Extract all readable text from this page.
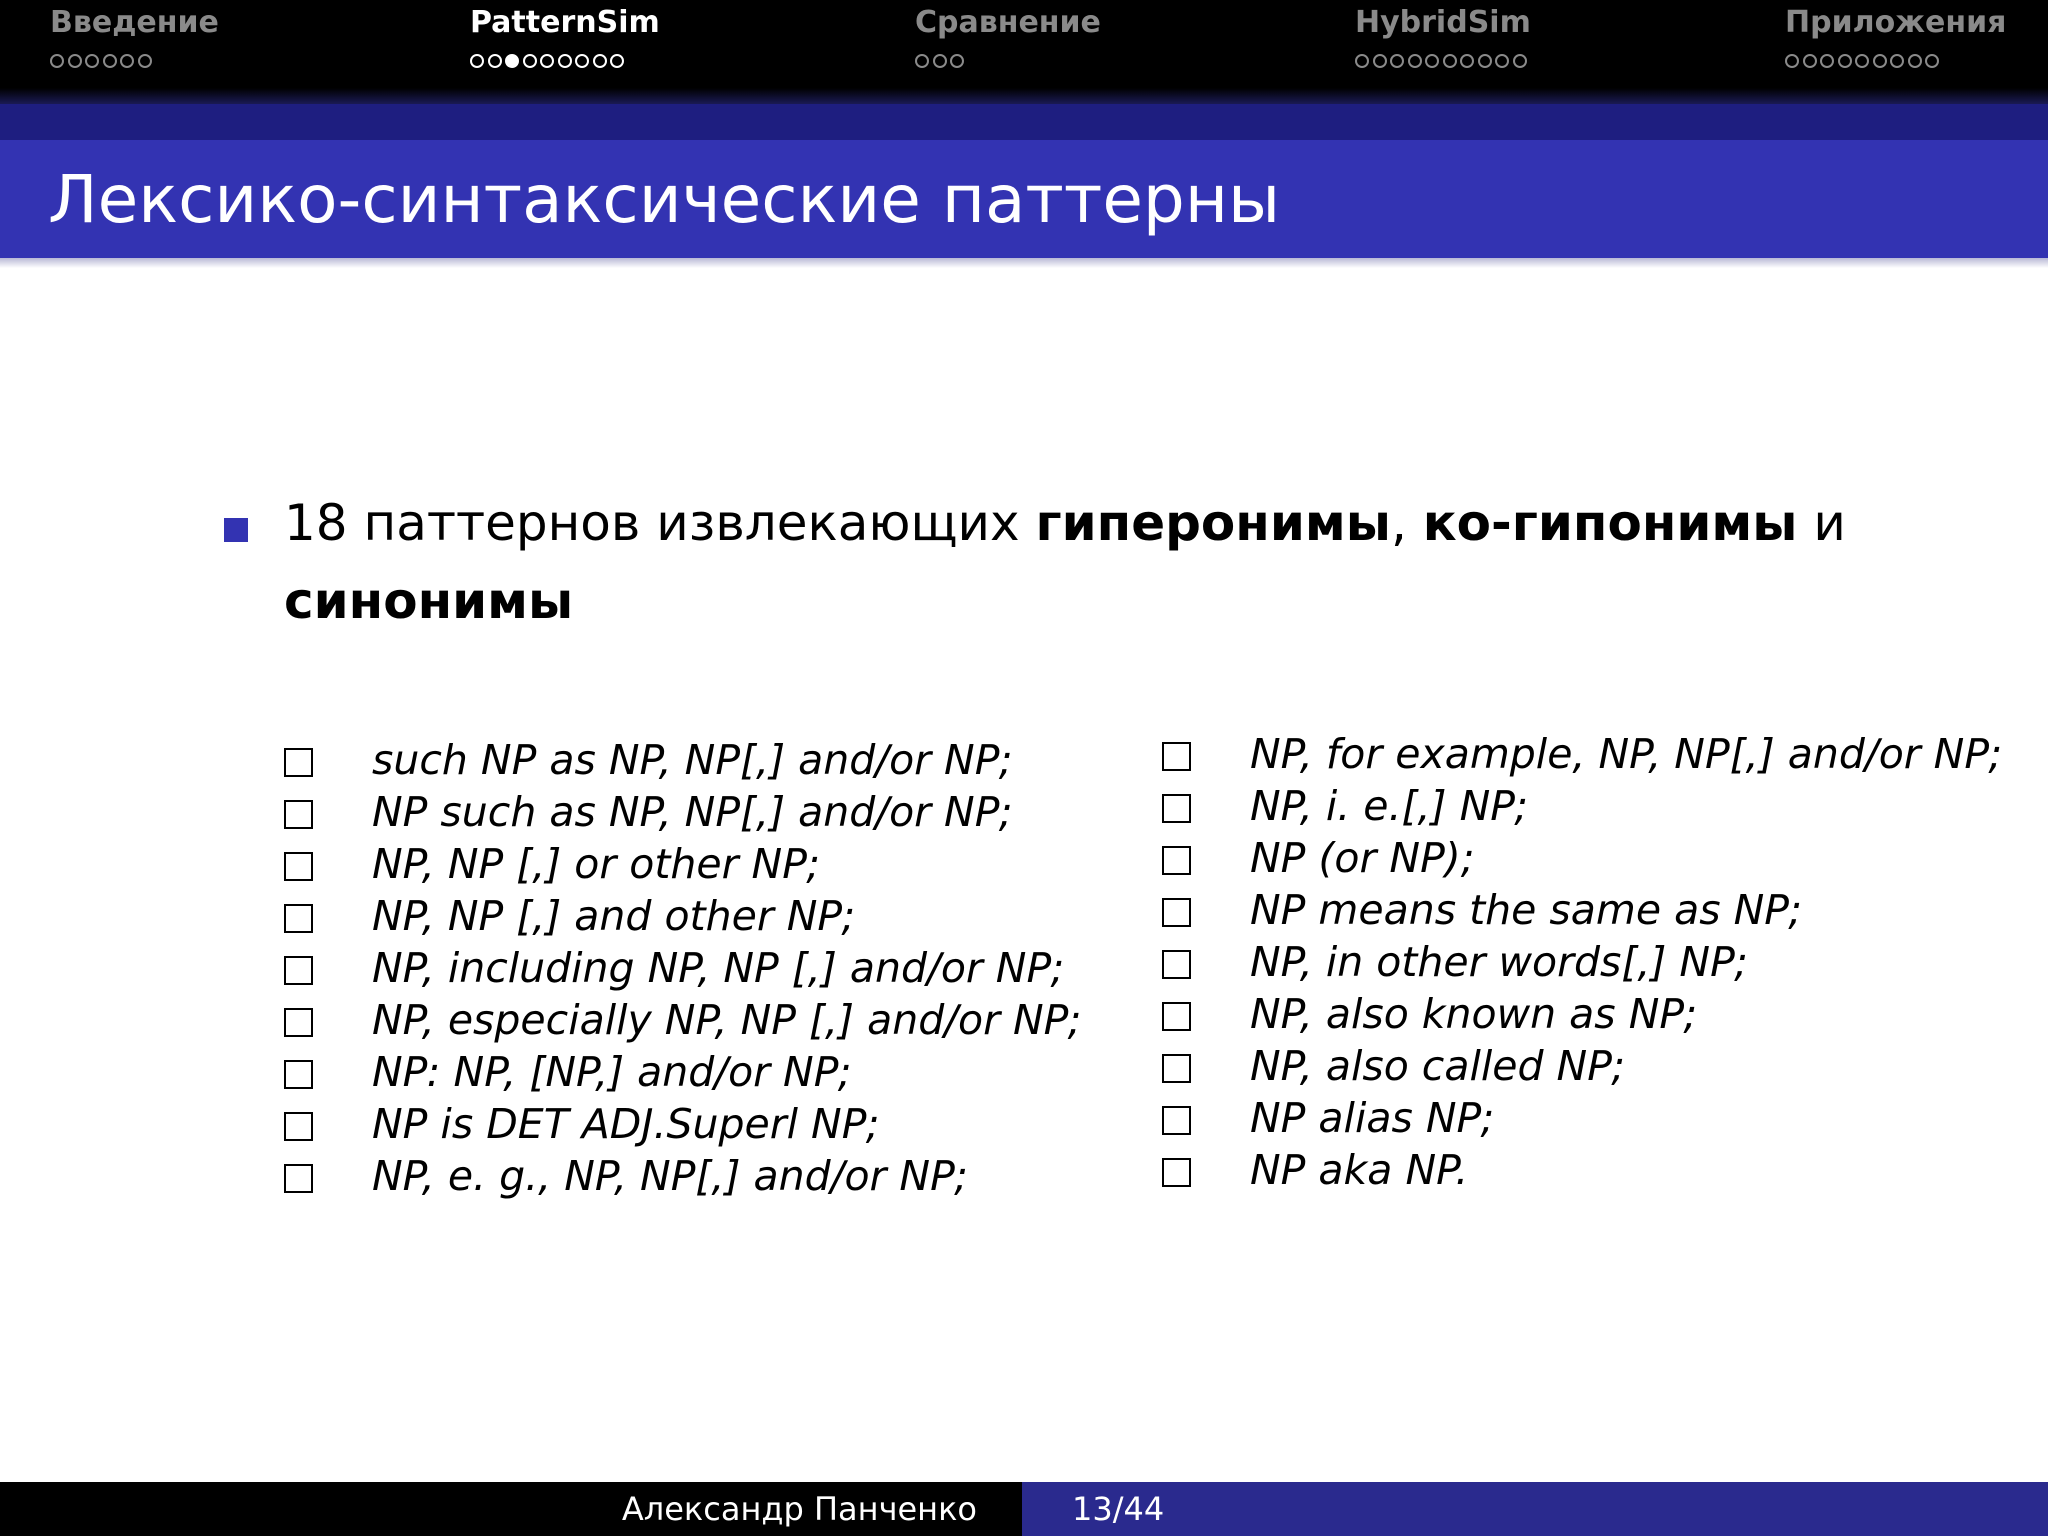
Введение	PatternSim	Сравнение	HybridSim	Приложения
Лексико-синтаксические паттерны
18 паттернов извлекающих гиперонимы, ко-гипонимы и синонимы
such NP as NP, NP[,] and/or NP;
NP such as NP, NP[,] and/or NP;
NP, NP [,] or other NP;
NP, NP [,] and other NP;
NP, including NP, NP [,] and/or NP;
NP, especially NP, NP [,] and/or NP;
NP: NP, [NP,] and/or NP;
NP is DET ADJ.Superl NP;
NP, e. g., NP, NP[,] and/or NP;
NP, for example, NP, NP[,] and/or NP;
NP, i. e.[,] NP;
NP (or NP);
NP means the same as NP;
NP, in other words[,] NP;
NP, also known as NP;
NP, also called NP;
NP alias NP;
NP aka NP.
Александр Панченко	13/44
